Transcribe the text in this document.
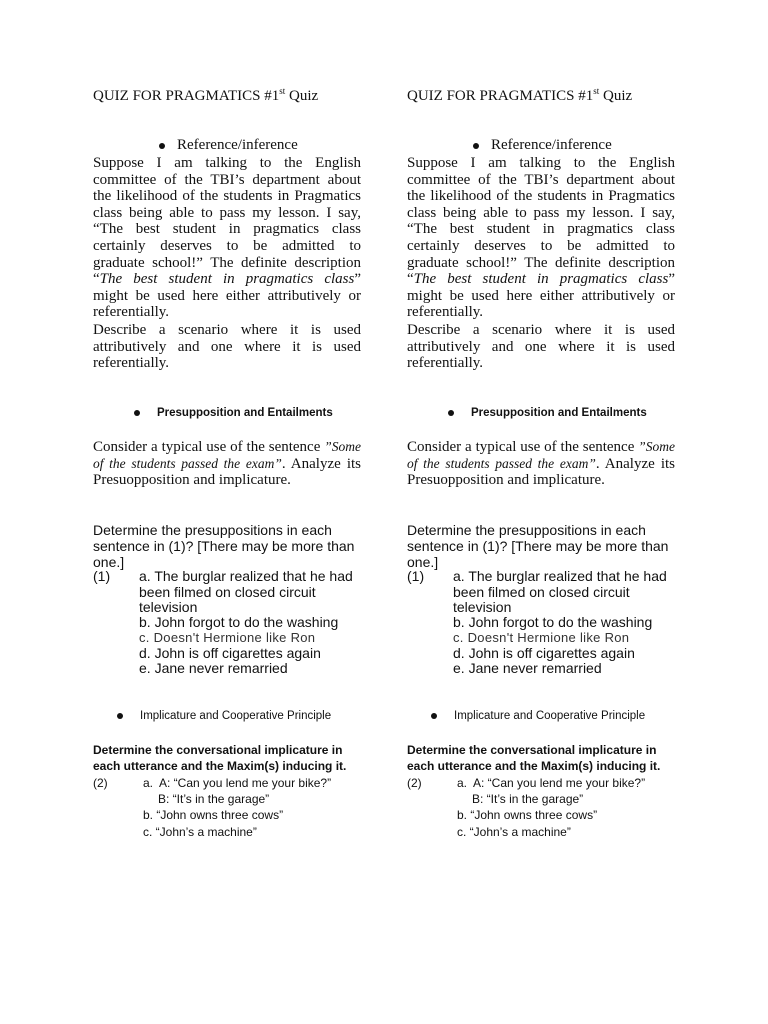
QUIZ FOR PRAGMATICS #1st Quiz
Reference/inference
Suppose I am talking to the English committee of the TBI’s department about the likelihood of the students in Pragmatics class being able to pass my lesson. I say, “The best student in pragmatics class certainly deserves to be admitted to graduate school!” The definite description “The best student in pragmatics class” might be used here either attributively or referentially.
Describe a scenario where it is used attributively and one where it is used referentially.
Presupposition and Entailments
Consider a typical use of the sentence ”Some of the students passed the exam”. Analyze its Presuopposition and implicature.
Determine the presuppositions in each sentence in (1)? [There may be more than one.]
(1) a. The burglar realized that he had been filmed on closed circuit television
b. John forgot to do the washing
c. Doesn't Hermione like Ron
d. John is off cigarettes again
e. Jane never remarried
Implicature and Cooperative Principle
Determine the conversational implicature in each utterance and the Maxim(s) inducing it.
(2)	a. A: “Can you lend me your bike?”
B: “It’s in the garage”
b. “John owns three cows”
c. “John’s a machine”
QUIZ FOR PRAGMATICS #1st Quiz
Reference/inference
Suppose I am talking to the English committee of the TBI’s department about the likelihood of the students in Pragmatics class being able to pass my lesson. I say, “The best student in pragmatics class certainly deserves to be admitted to graduate school!” The definite description “The best student in pragmatics class” might be used here either attributively or referentially.
Describe a scenario where it is used attributively and one where it is used referentially.
Presupposition and Entailments
Consider a typical use of the sentence ”Some of the students passed the exam”. Analyze its Presuopposition and implicature.
Determine the presuppositions in each sentence in (1)? [There may be more than one.]
(1) a. The burglar realized that he had been filmed on closed circuit television
b. John forgot to do the washing
c. Doesn't Hermione like Ron
d. John is off cigarettes again
e. Jane never remarried
Implicature and Cooperative Principle
Determine the conversational implicature in each utterance and the Maxim(s) inducing it.
(2)	a. A: “Can you lend me your bike?”
B: “It’s in the garage”
b. “John owns three cows”
c. “John’s a machine”
